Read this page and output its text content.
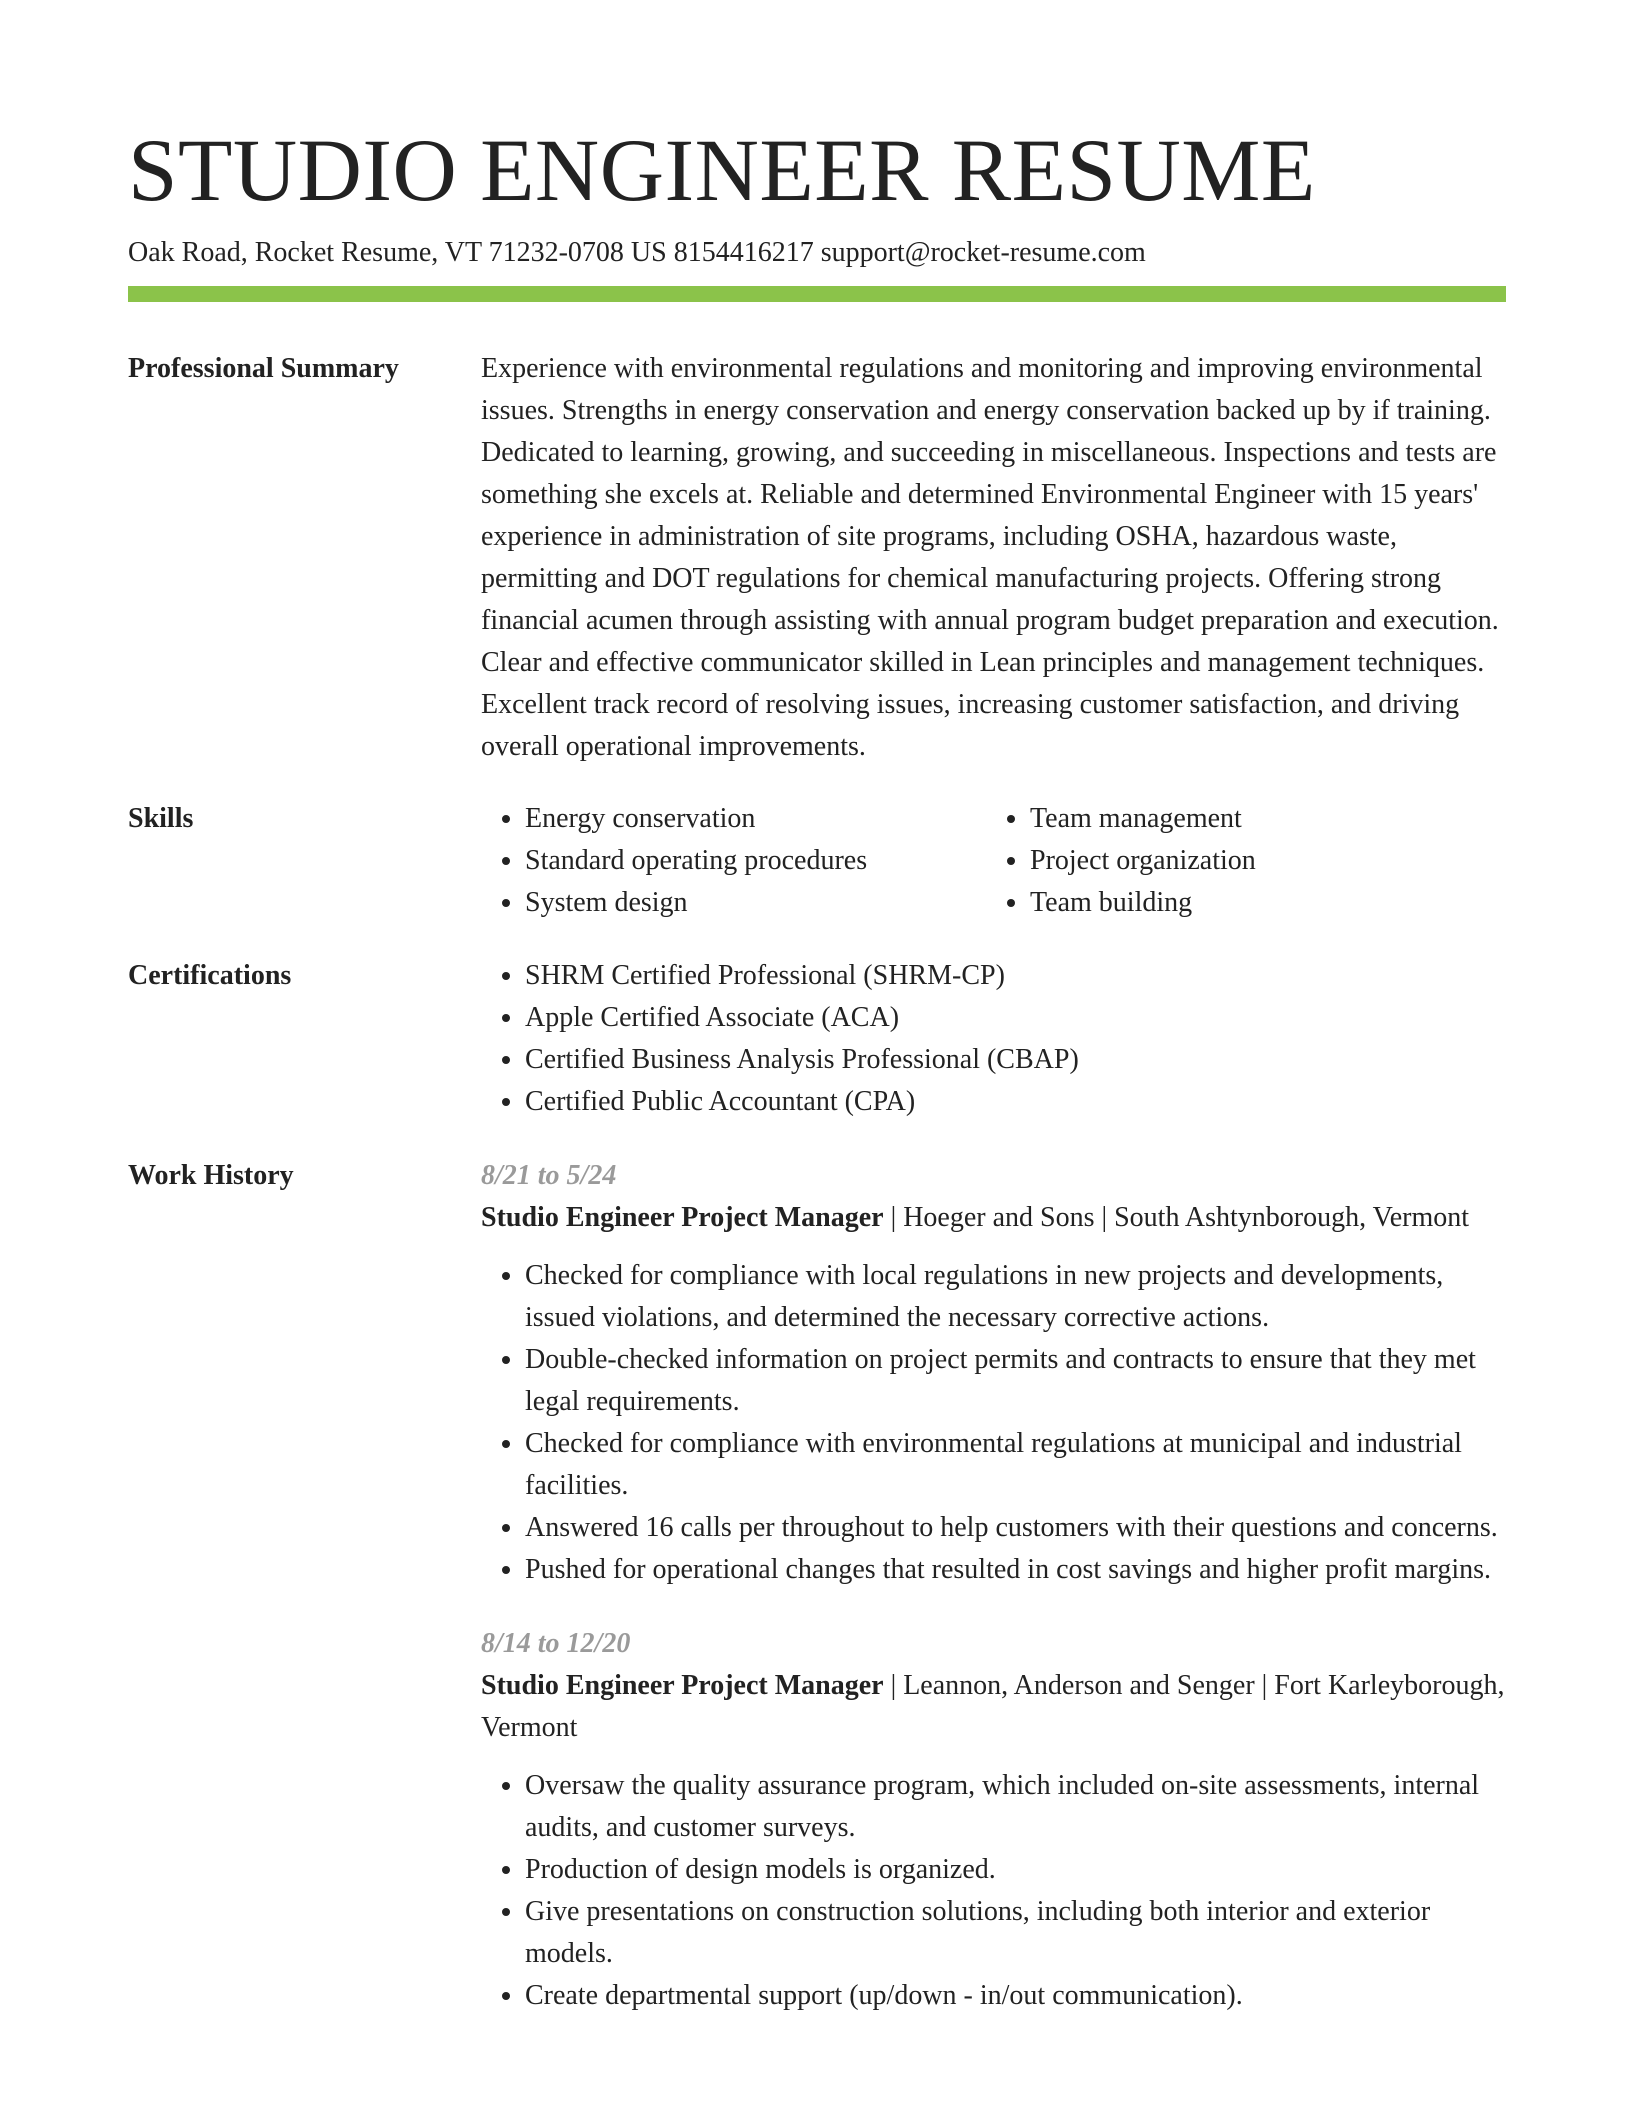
STUDIO ENGINEER RESUME
Oak Road, Rocket Resume, VT 71232-0708 US 8154416217 support@rocket-resume.com
Professional Summary	Experience with environmental regulations and monitoring and improving environmental issues. Strengths in energy conservation and energy conservation backed up by if training. Dedicated to learning, growing, and succeeding in miscellaneous. Inspections and tests are something she excels at. Reliable and determined Environmental Engineer with 15 years' experience in administration of site programs, including OSHA, hazardous waste, permitting and DOT regulations for chemical manufacturing projects. Offering strong financial acumen through assisting with annual program budget preparation and execution. Clear and effective communicator skilled in Lean principles and management techniques. Excellent track record of resolving issues, increasing customer satisfaction, and driving overall operational improvements.

Skills	• Energy conservation
• Standard operating procedures
• System design
• Team management
• Project organization
• Team building
Certifications	• SHRM Certified Professional (SHRM-CP)
• Apple Certified Associate (ACA)
• Certified Business Analysis Professional (CBAP)
• Certified Public Accountant (CPA)
Work History	8/21 to 5/24
Studio Engineer Project Manager | Hoeger and Sons | South Ashtynborough, Vermont
• Checked for compliance with local regulations in new projects and developments, issued violations, and determined the necessary corrective actions.
• Double-checked information on project permits and contracts to ensure that they met legal requirements.
• Checked for compliance with environmental regulations at municipal and industrial facilities.
• Answered 16 calls per throughout to help customers with their questions and concerns.
• Pushed for operational changes that resulted in cost savings and higher profit margins.
8/14 to 12/20
Studio Engineer Project Manager | Leannon, Anderson and Senger | Fort Karleyborough, Vermont
• Oversaw the quality assurance program, which included on-site assessments, internal audits, and customer surveys.
• Production of design models is organized.
• Give presentations on construction solutions, including both interior and exterior models.
• Create departmental support (up/down - in/out communication).
